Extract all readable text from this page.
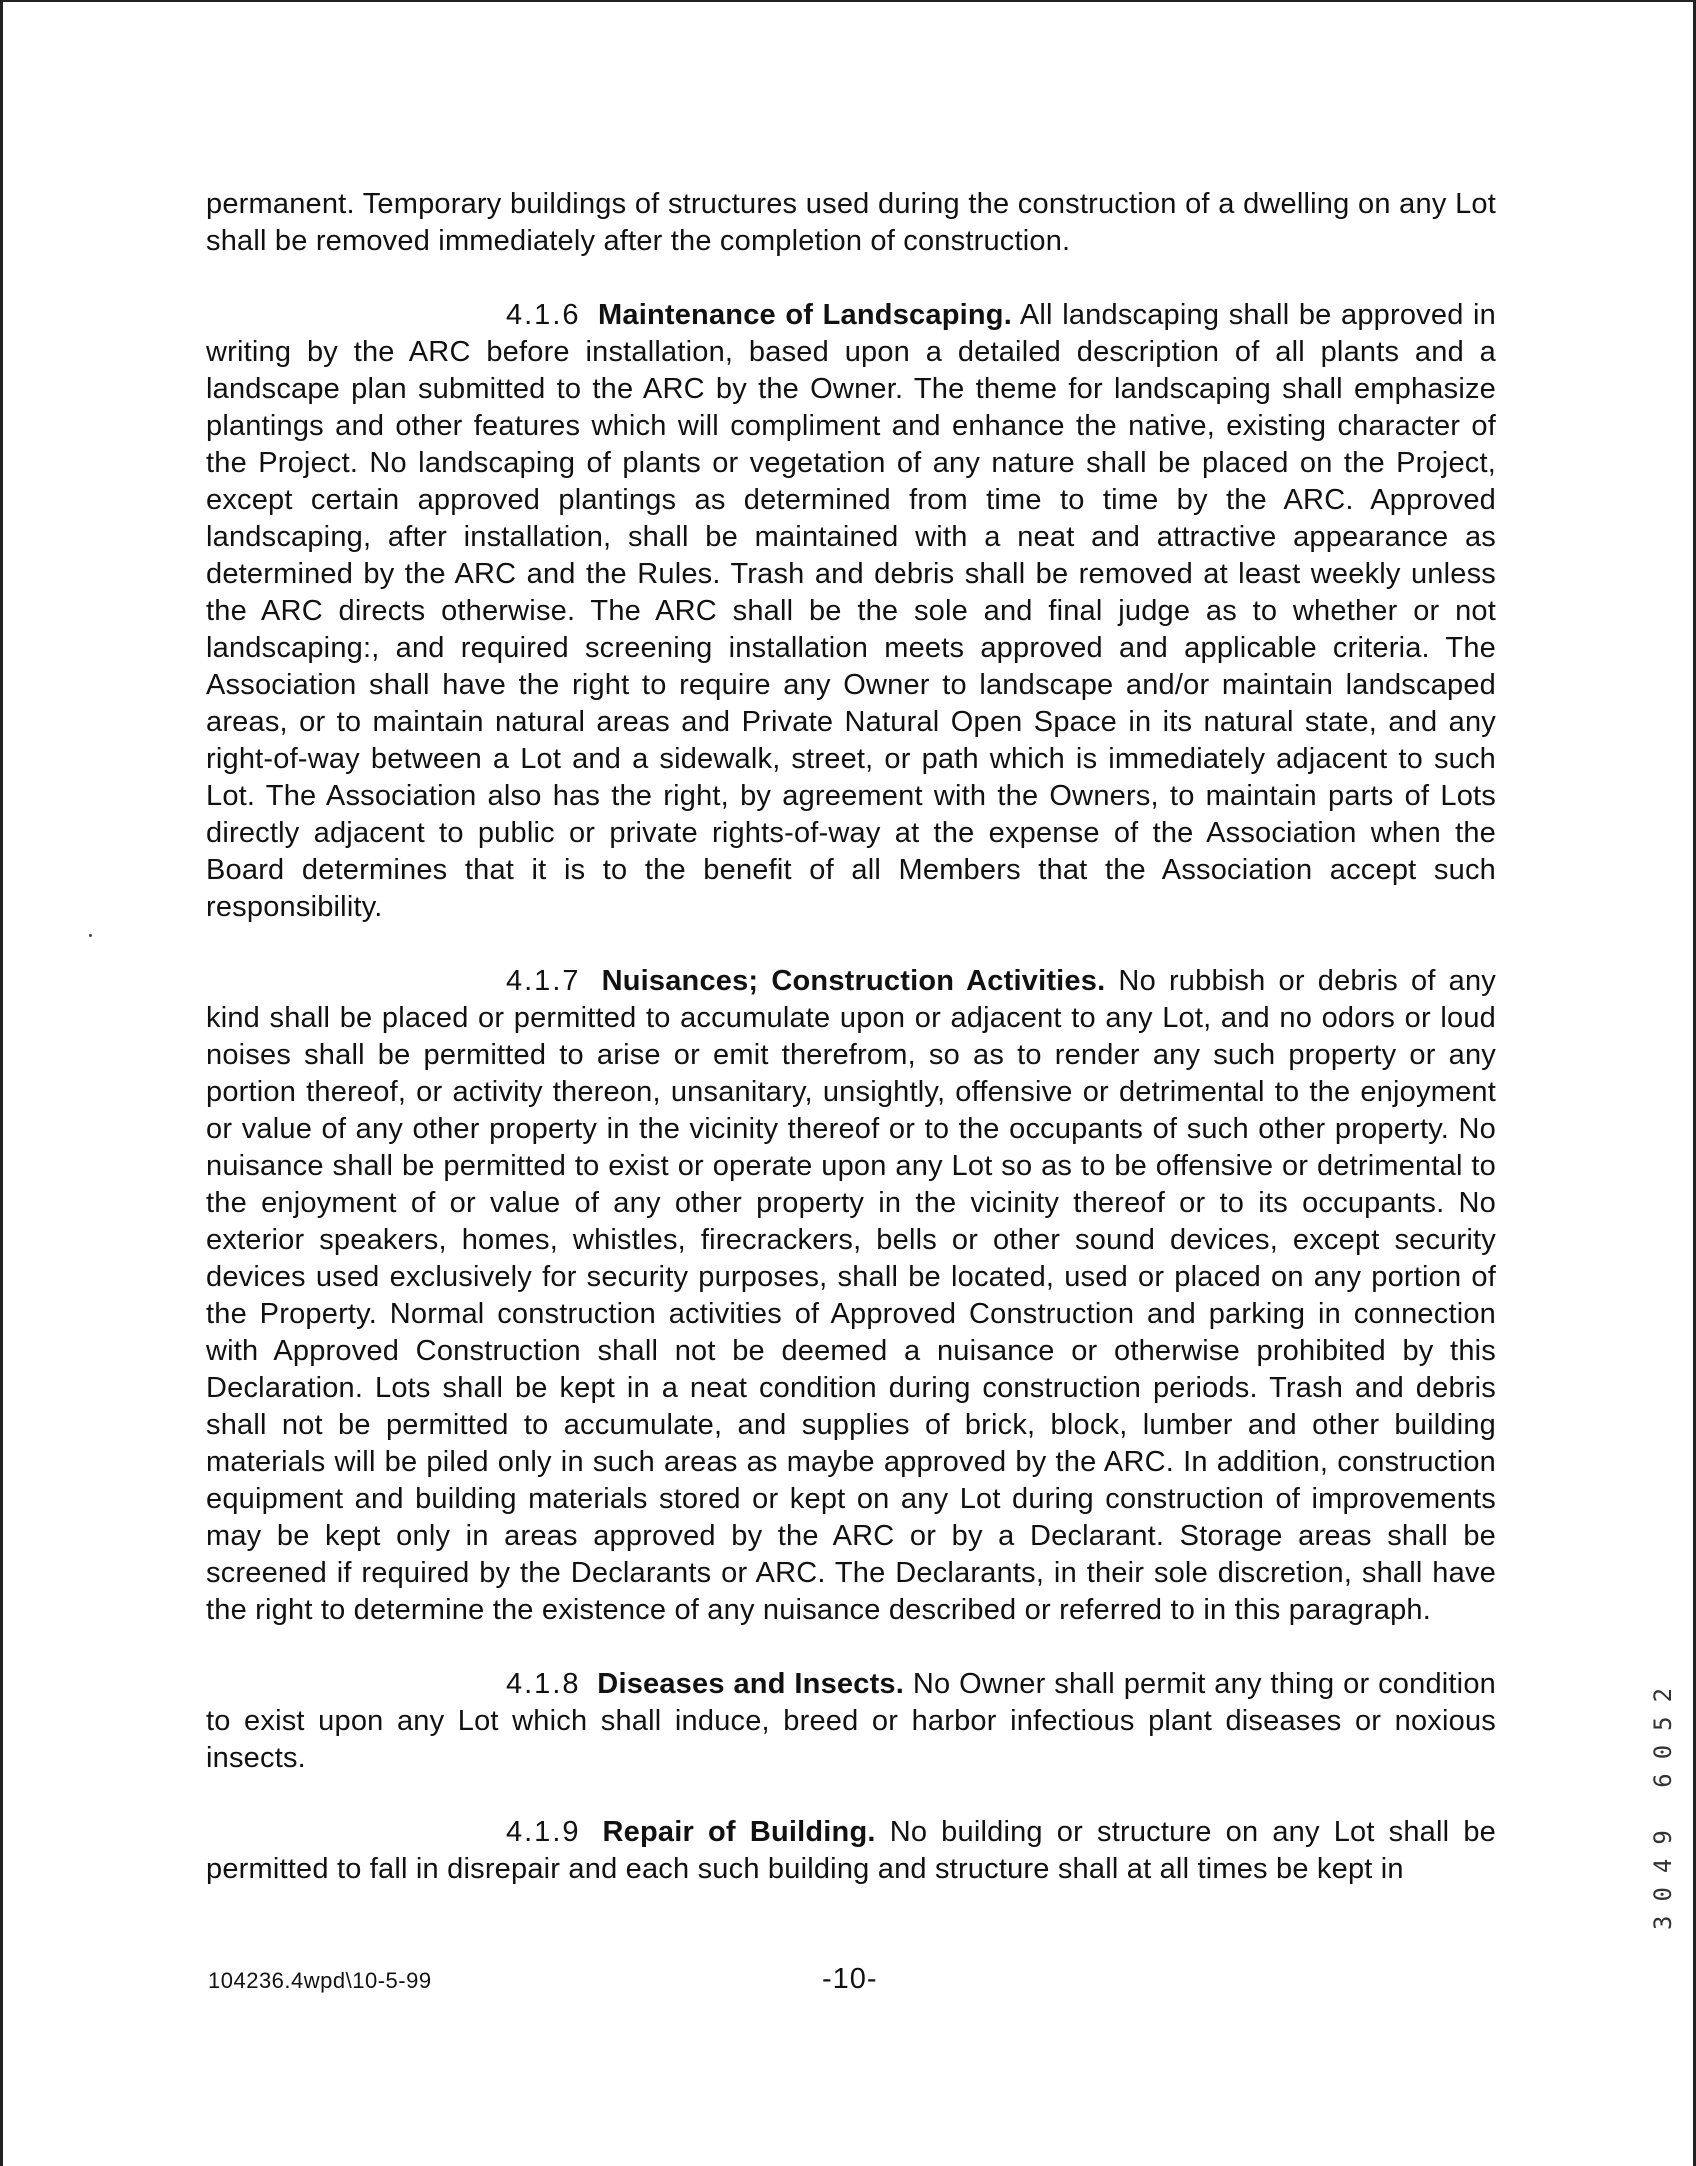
permanent. Temporary buildings of structures used during the construction of a dwelling on any Lot shall be removed immediately after the completion of construction.

4.1.6 Maintenance of Landscaping. All landscaping shall be approved in writing by the ARC before installation, based upon a detailed description of all plants and a landscape plan submitted to the ARC by the Owner. The theme for landscaping shall emphasize plantings and other features which will compliment and enhance the native, existing character of the Project. No landscaping of plants or vegetation of any nature shall be placed on the Project, except certain approved plantings as determined from time to time by the ARC. Approved landscaping, after installation, shall be maintained with a neat and attractive appearance as determined by the ARC and the Rules. Trash and debris shall be removed at least weekly unless the ARC directs otherwise. The ARC shall be the sole and final judge as to whether or not landscaping:, and required screening installation meets approved and applicable criteria. The Association shall have the right to require any Owner to landscape and/or maintain landscaped areas, or to maintain natural areas and Private Natural Open Space in its natural state, and any right-of-way between a Lot and a sidewalk, street, or path which is immediately adjacent to such Lot. The Association also has the right, by agreement with the Owners, to maintain parts of Lots directly adjacent to public or private rights-of-way at the expense of the Association when the Board determines that it is to the benefit of all Members that the Association accept such responsibility.

4.1.7 Nuisances; Construction Activities. No rubbish or debris of any kind shall be placed or permitted to accumulate upon or adjacent to any Lot, and no odors or loud noises shall be permitted to arise or emit therefrom, so as to render any such property or any portion thereof, or activity thereon, unsanitary, unsightly, offensive or detrimental to the enjoyment or value of any other property in the vicinity thereof or to the occupants of such other property. No nuisance shall be permitted to exist or operate upon any Lot so as to be offensive or detrimental to the enjoyment of or value of any other property in the vicinity thereof or to its occupants. No exterior speakers, homes, whistles, firecrackers, bells or other sound devices, except security devices used exclusively for security purposes, shall be located, used or placed on any portion of the Property. Normal construction activities of Approved Construction and parking in connection with Approved Construction shall not be deemed a nuisance or otherwise prohibited by this Declaration. Lots shall be kept in a neat condition during construction periods. Trash and debris shall not be permitted to accumulate, and supplies of brick, block, lumber and other building materials will be piled only in such areas as maybe approved by the ARC. In addition, construction equipment and building materials stored or kept on any Lot during construction of improvements may be kept only in areas approved by the ARC or by a Declarant. Storage areas shall be screened if required by the Declarants or ARC. The Declarants, in their sole discretion, shall have the right to determine the existence of any nuisance described or referred to in this paragraph.

4.1.8 Diseases and Insects. No Owner shall permit any thing or condition to exist upon any Lot which shall induce, breed or harbor infectious plant diseases or noxious insects.

4.1.9 Repair of Building. No building or structure on any Lot shall be permitted to fall in disrepair and each such building and structure shall at all times be kept in

104236.4wpd\10-5-99	-10-
3049 6052
